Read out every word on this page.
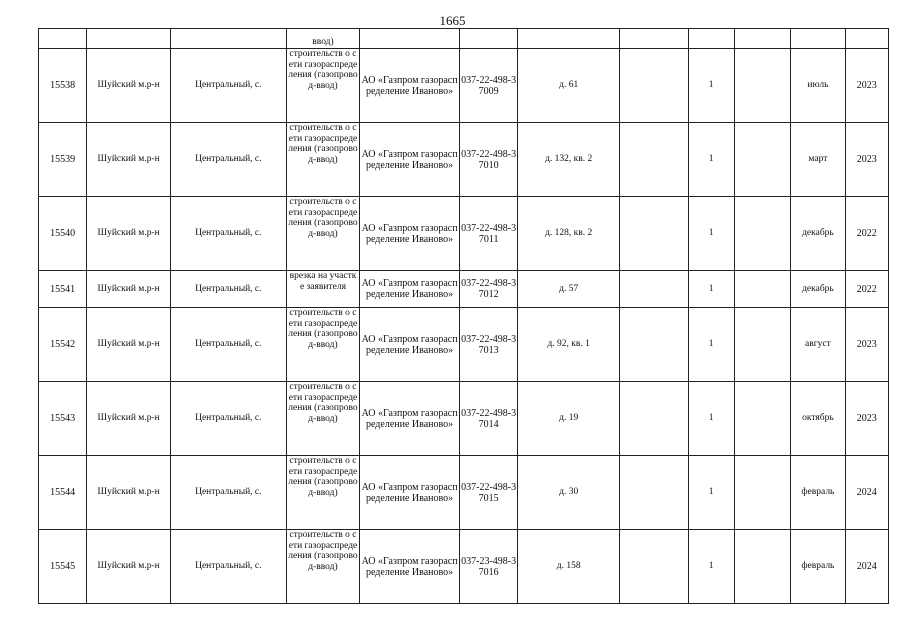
1665
			ввод)								
15538	Шуйский м.р-н	Центральный, с.	строительств о сети газораспреде ления (газопровод-ввод)	АО «Газпром газораспределение Иваново»	037-22-498-37009	д. 61		1		июль	2023
15539	Шуйский м.р-н	Центральный, с.	строительств о сети газораспреде ления (газопровод-ввод)	АО «Газпром газораспределение Иваново»	037-22-498-37010	д. 132, кв. 2		1		март	2023
15540	Шуйский м.р-н	Центральный, с.	строительств о сети газораспреде ления (газопровод-ввод)	АО «Газпром газораспределение Иваново»	037-22-498-37011	д. 128, кв. 2		1		декабрь	2022
15541	Шуйский м.р-н	Центральный, с.	врезка на участке заявителя	АО «Газпром газораспределение Иваново»	037-22-498-37012	д. 57		1		декабрь	2022
15542	Шуйский м.р-н	Центральный, с.	строительств о сети газораспреде ления (газопровод-ввод)	АО «Газпром газораспределение Иваново»	037-22-498-37013	д. 92, кв. 1		1		август	2023
15543	Шуйский м.р-н	Центральный, с.	строительств о сети газораспреде ления (газопровод-ввод)	АО «Газпром газораспределение Иваново»	037-22-498-37014	д. 19		1		октябрь	2023
15544	Шуйский м.р-н	Центральный, с.	строительств о сети газораспреде ления (газопровод-ввод)	АО «Газпром газораспределение Иваново»	037-22-498-37015	д. 30		1		февраль	2024
15545	Шуйский м.р-н	Центральный, с.	строительств о сети газораспреде ления (газопровод-ввод)	АО «Газпром газораспределение Иваново»	037-23-498-37016	д. 158		1		февраль	2024
